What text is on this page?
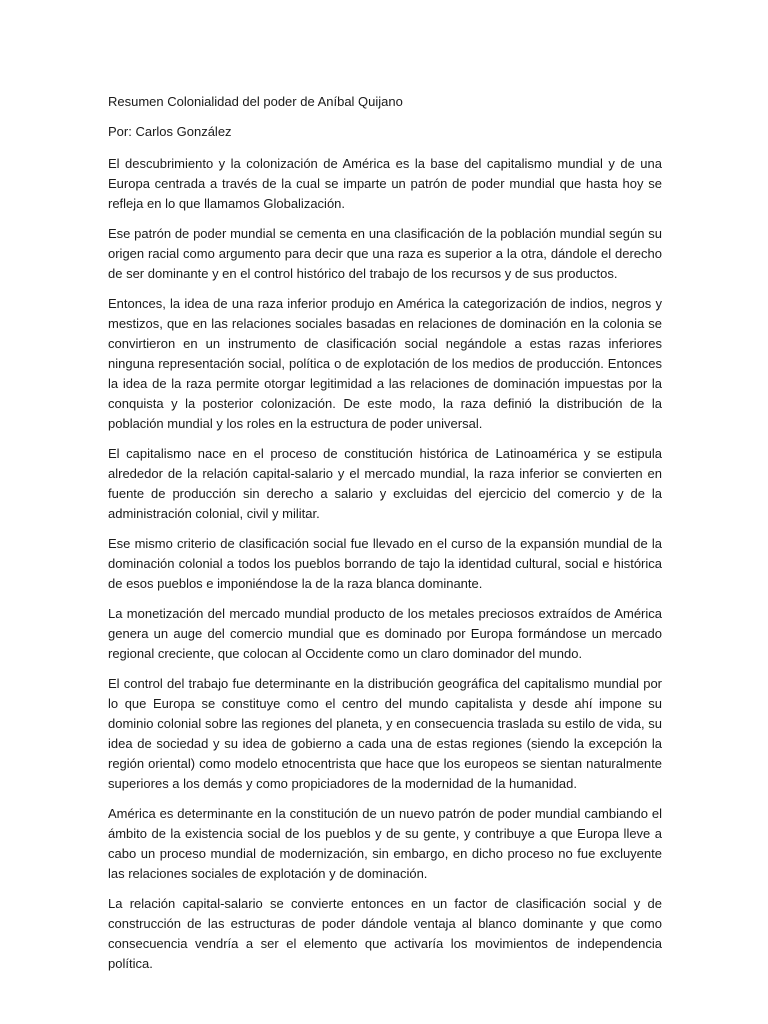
Resumen Colonialidad del poder de Aníbal Quijano

Por: Carlos González

El descubrimiento y la colonización de América es la base del capitalismo mundial y de una Europa centrada a través de la cual se imparte un patrón de poder mundial que hasta hoy se refleja en lo que llamamos Globalización.

Ese patrón de poder mundial se cementa en una clasificación de la población mundial según su origen racial como argumento para decir que una raza es superior a la otra, dándole el derecho de ser dominante y en el control histórico del trabajo de los recursos y de sus productos.

Entonces, la idea de una raza inferior produjo en América la categorización de indios, negros y mestizos, que en las relaciones sociales basadas en relaciones de dominación en la colonia se convirtieron en un instrumento de clasificación social negándole a estas razas inferiores ninguna representación social, política o de explotación de los medios de producción. Entonces la idea de la raza permite otorgar legitimidad a las relaciones de dominación impuestas por la conquista y la posterior colonización. De este modo, la raza definió la distribución de la población mundial y los roles en la estructura de poder universal.

El capitalismo nace en el proceso de constitución histórica de Latinoamérica y se estipula alrededor de la relación capital-salario y el mercado mundial, la raza inferior se convierten en fuente de producción sin derecho a salario y excluidas del ejercicio del comercio y de la administración colonial, civil y militar.

Ese mismo criterio de clasificación social fue llevado en el curso de la expansión mundial de la dominación colonial a todos los pueblos borrando de tajo la identidad cultural, social e histórica de esos pueblos e imponiéndose la de la raza blanca dominante.

La monetización del mercado mundial producto de los metales preciosos extraídos de América genera un auge del comercio mundial que es dominado por Europa formándose un mercado regional creciente, que colocan al Occidente como un claro dominador del mundo.

El control del trabajo fue determinante en la distribución geográfica del capitalismo mundial por lo que Europa se constituye como el centro del mundo capitalista y desde ahí impone su dominio colonial sobre las regiones del planeta, y en consecuencia traslada su estilo de vida, su idea de sociedad y su idea de gobierno a cada una de estas regiones (siendo la excepción la región oriental) como modelo etnocentrista que hace que los europeos se sientan naturalmente superiores a los demás y como propiciadores de la modernidad de la humanidad.

América es determinante en la constitución de un nuevo patrón de poder mundial cambiando el ámbito de la existencia social de los pueblos y de su gente, y contribuye a que Europa lleve a cabo un proceso mundial de modernización, sin embargo, en dicho proceso no fue excluyente las relaciones sociales de explotación y de dominación.

La relación capital-salario se convierte entonces en un factor de clasificación social y de construcción de las estructuras de poder dándole ventaja al blanco dominante y que como consecuencia vendría a ser el elemento que activaría los movimientos de independencia política.
